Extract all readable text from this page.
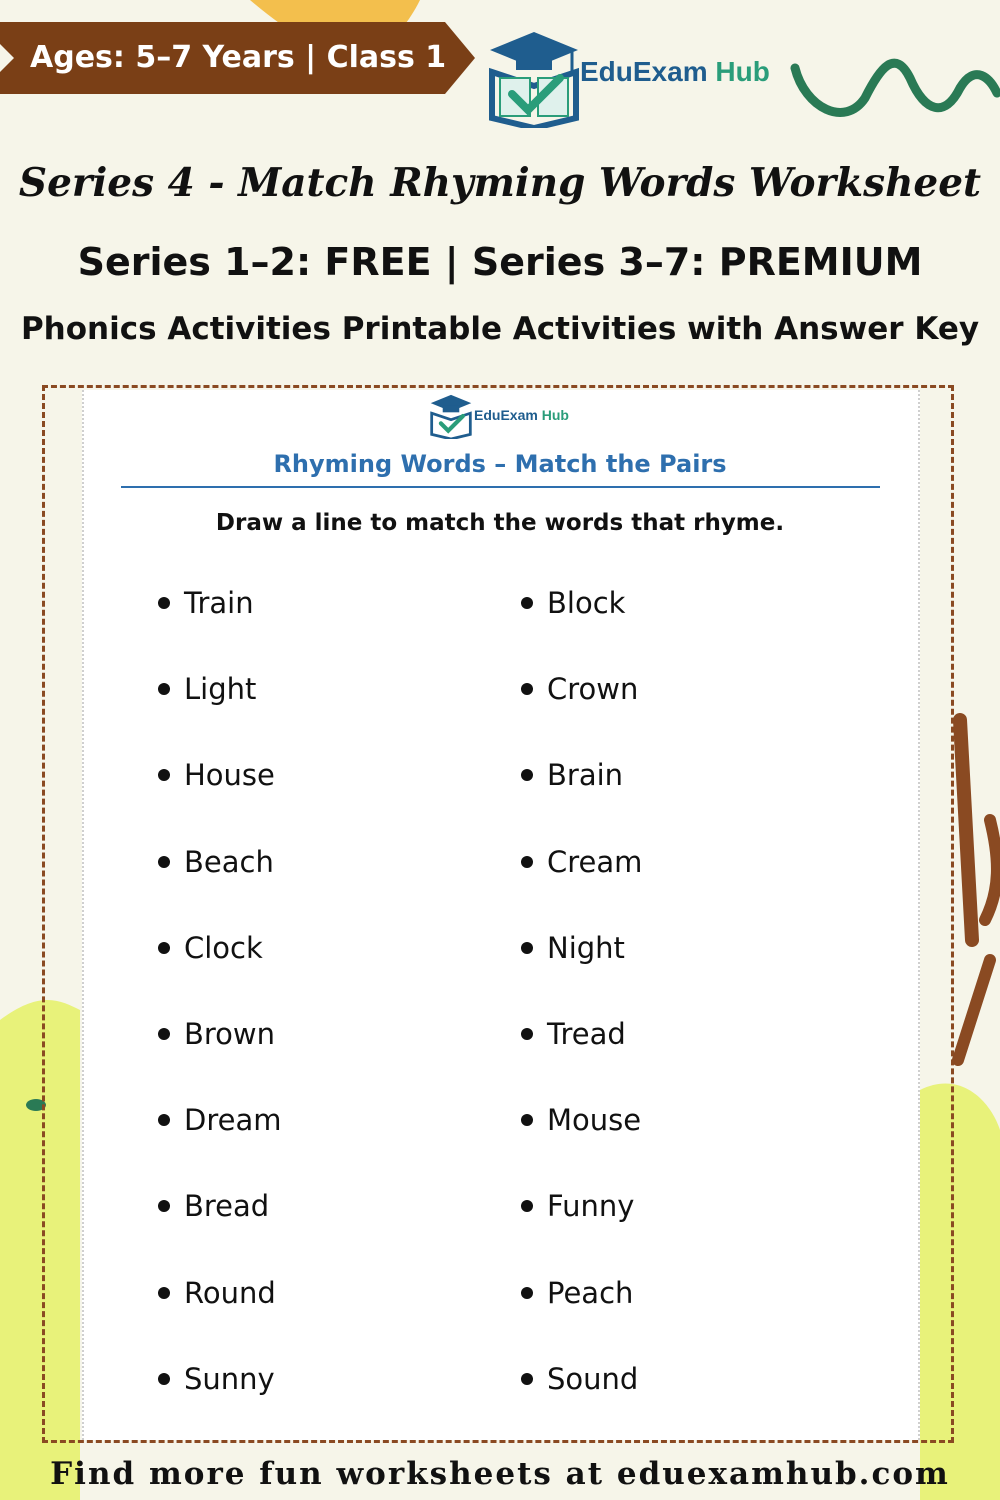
Ages: 5–7 Years | Class 1	EduExam Hub
Series 4 - Match Rhyming Words Worksheet
Series 1–2: FREE | Series 3–7: PREMIUM
Phonics Activities Printable Activities with Answer Key
EduExam Hub
Rhyming Words – Match the Pairs
Draw a line to match the words that rhyme.
Train
Light
House
Beach
Clock
Brown
Dream
Bread
Round
Sunny
Block
Crown
Brain
Cream
Night
Tread
Mouse
Funny
Peach
Sound
Find more fun worksheets at eduexamhub.com
